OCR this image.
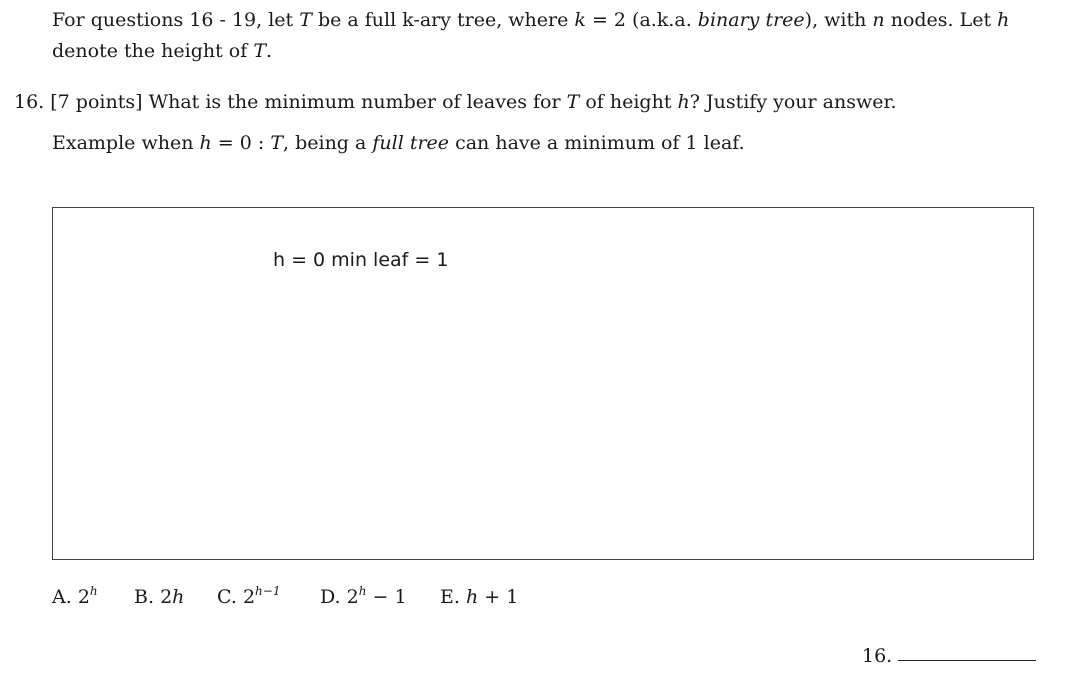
For questions 16 - 19, let T be a full k-ary tree, where k = 2 (a.k.a. binary tree), with n nodes. Let h
denote the height of T.
16. [7 points] What is the minimum number of leaves for T of height h? Justify your answer.
Example when h = 0 : T, being a full tree can have a minimum of 1 leaf.
h = 0 min leaf = 1
A. 2$^h$ B. 2h C. $2^{h-1}$ D. $2^h - 1$ E. h + 1
16.
